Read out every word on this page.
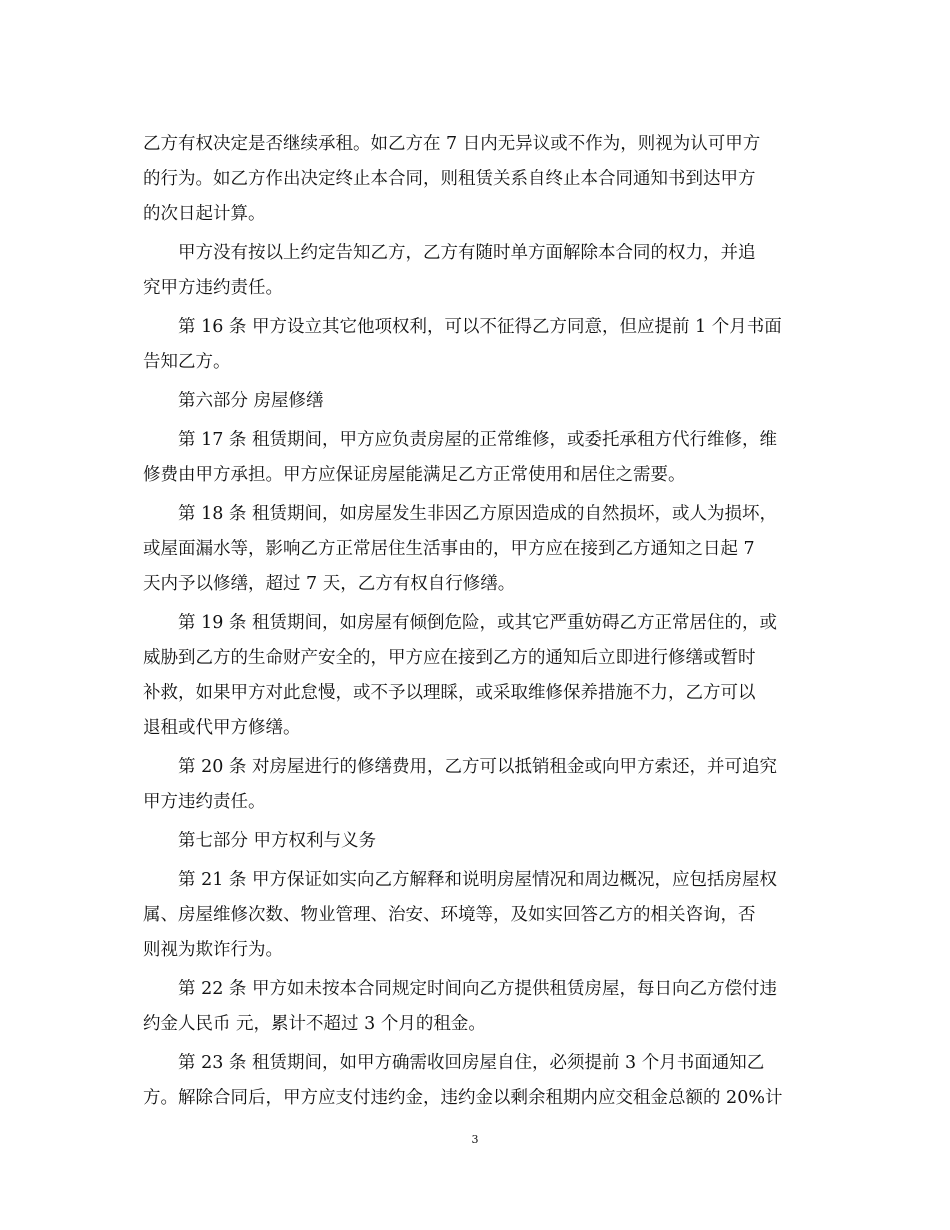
乙方有权决定是否继续承租。如乙方在 7 日内无异议或不作为，则视为认可甲方
的行为。如乙方作出决定终止本合同，则租赁关系自终止本合同通知书到达甲方
的次日起计算。
甲方没有按以上约定告知乙方，乙方有随时单方面解除本合同的权力，并追
究甲方违约责任。
第 16 条 甲方设立其它他项权利，可以不征得乙方同意，但应提前 1 个月书面
告知乙方。
第六部分 房屋修缮
第 17 条 租赁期间，甲方应负责房屋的正常维修，或委托承租方代行维修，维
修费由甲方承担。甲方应保证房屋能满足乙方正常使用和居住之需要。
第 18 条 租赁期间，如房屋发生非因乙方原因造成的自然损坏，或人为损坏，
或屋面漏水等，影响乙方正常居住生活事由的，甲方应在接到乙方通知之日起 7
天内予以修缮，超过 7 天，乙方有权自行修缮。
第 19 条 租赁期间，如房屋有倾倒危险，或其它严重妨碍乙方正常居住的，或
威胁到乙方的生命财产安全的，甲方应在接到乙方的通知后立即进行修缮或暂时
补救，如果甲方对此怠慢，或不予以理睬，或采取维修保养措施不力，乙方可以
退租或代甲方修缮。
第 20 条 对房屋进行的修缮费用，乙方可以抵销租金或向甲方索还，并可追究
甲方违约责任。
第七部分 甲方权利与义务
第 21 条 甲方保证如实向乙方解释和说明房屋情况和周边概况，应包括房屋权
属、房屋维修次数、物业管理、治安、环境等，及如实回答乙方的相关咨询，否
则视为欺诈行为。
第 22 条 甲方如未按本合同规定时间向乙方提供租赁房屋，每日向乙方偿付违
约金人民币 元，累计不超过 3 个月的租金。
第 23 条 租赁期间，如甲方确需收回房屋自住，必须提前 3 个月书面通知乙
方。解除合同后，甲方应支付违约金，违约金以剩余租期内应交租金总额的 20%计
3
